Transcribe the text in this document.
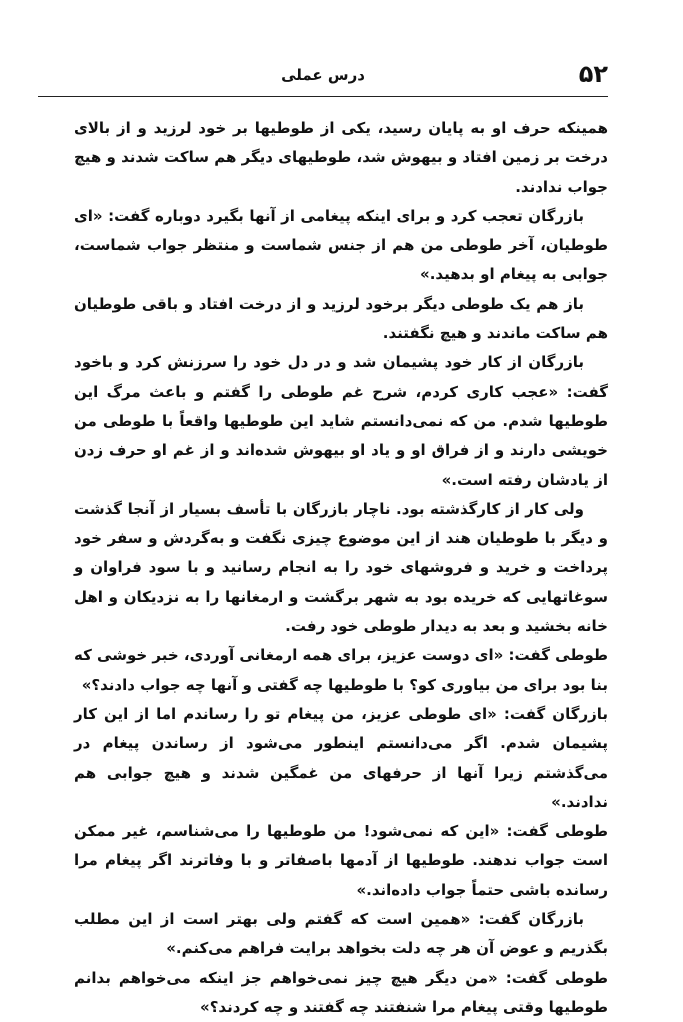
۵۲
درس عملی

همینکه حرف او به پایان رسید، یکی از طوطیها بر خود لرزید و از بالای درخت بر زمین افتاد و بیهوش شد، طوطیهای دیگر هم ساکت شدند و هیچ جواب ندادند.

بازرگان تعجب کرد و برای اینکه پیغامی از آنها بگیرد دوباره گفت: «ای طوطیان، آخر طوطی من هم از جنس شماست و منتظر جواب شماست، جوابی به پیغام او بدهید.»

باز هم یک طوطی دیگر برخود لرزید و از درخت افتاد و باقی طوطیان هم ساکت ماندند و هیچ نگفتند.

بازرگان از کار خود پشیمان شد و در دل خود را سرزنش کرد و باخود گفت: «عجب کاری کردم، شرح غم طوطی را گفتم و باعث مرگ این طوطیها شدم. من که نمی‌دانستم شاید این طوطیها واقعاً با طوطی من خویشی دارند و از فراق او و یاد او بیهوش شده‌اند و از غم او حرف زدن از یادشان رفته است.»

ولی کار از کارگذشته بود. ناچار بازرگان با تأسف بسیار از آنجا گذشت و دیگر با طوطیان هند از این موضوع چیزی نگفت و به‌گردش و سفر خود پرداخت و خرید و فروشهای خود را به انجام رسانید و با سود فراوان و سوغاتهایی که خریده بود به شهر برگشت و ارمغانها را به نزدیکان و اهل خانه بخشید و بعد به دیدار طوطی خود رفت.

طوطی گفت: «ای دوست عزیز، برای همه ارمغانی آوردی، خبر خوشی که بنا بود برای من بیاوری کو؟ با طوطیها چه گفتی و آنها چه جواب دادند؟»

بازرگان گفت: «ای طوطی عزیز، من پیغام تو را رساندم اما از این کار پشیمان شدم. اگر می‌دانستم اینطور می‌شود از رساندن پیغام در می‌گذشتم زیرا آنها از حرفهای من غمگین شدند و هیچ جوابی هم ندادند.»

طوطی گفت: «این که نمی‌شود! من طوطیها را می‌شناسم، غیر ممکن است جواب ندهند. طوطیها از آدمها باصفاتر و با وفاترند اگر پیغام مرا رسانده باشی حتماً جواب داده‌اند.»

بازرگان گفت: «همین است که گفتم ولی بهتر است از این مطلب بگذریم و عوض آن هر چه دلت بخواهد برایت فراهم می‌کنم.»

طوطی گفت: «من دیگر هیچ چیز نمی‌خواهم جز اینکه می‌خواهم بدانم طوطیها وقتی پیغام مرا شنفتند چه گفتند و چه کردند؟»
